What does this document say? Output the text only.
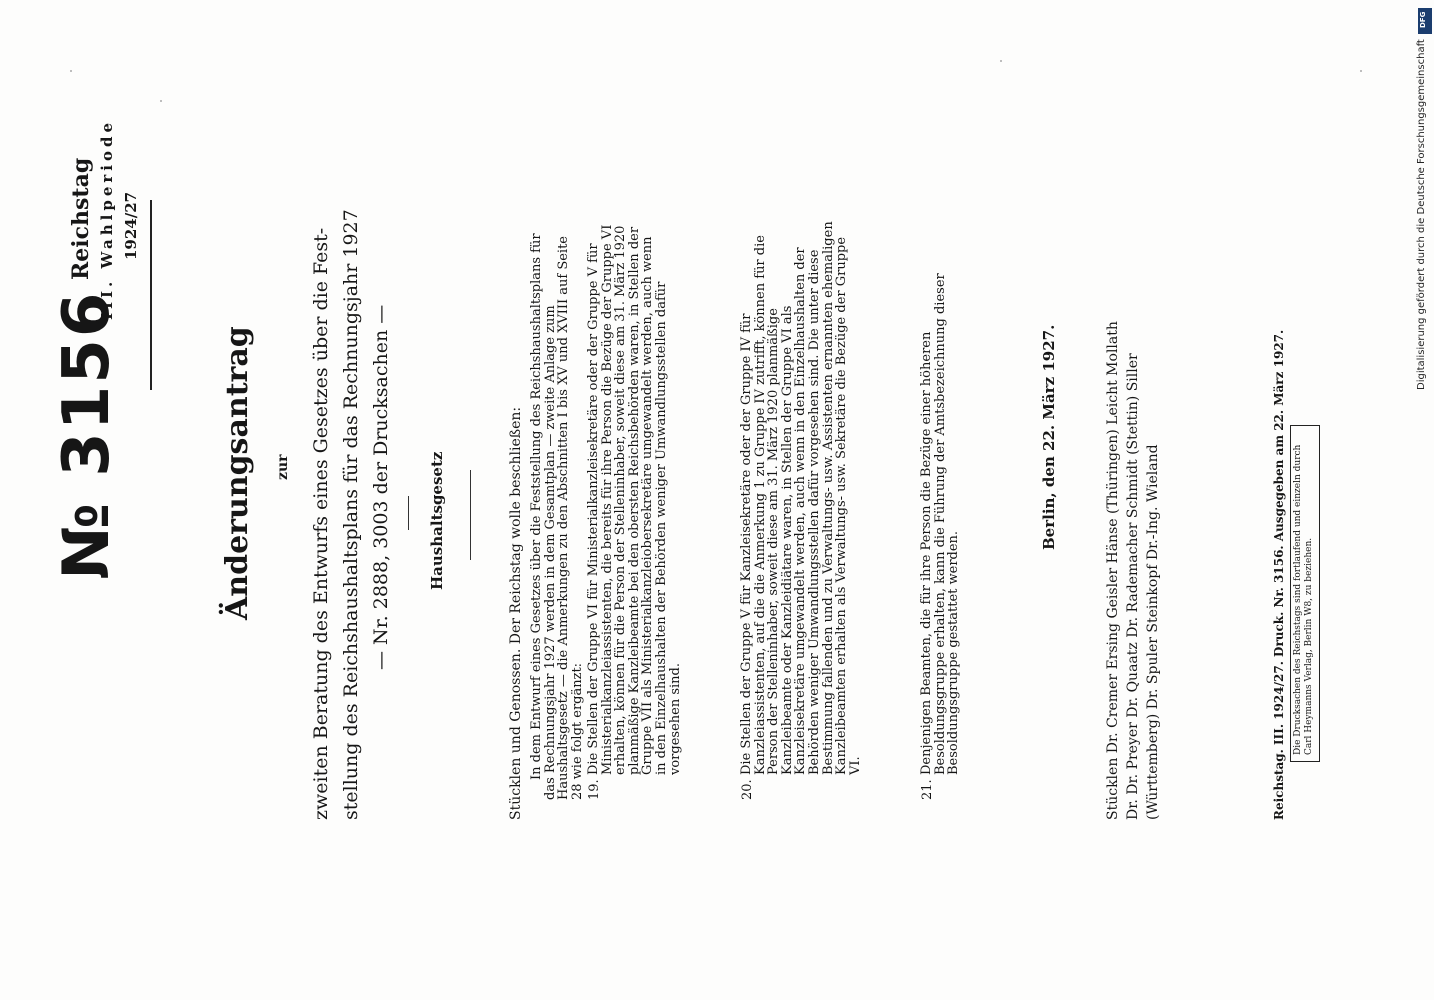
№ 3156
Reichstag III. Wahlperiode 1924/27
Änderungsantrag zur zweiten Beratung des Entwurfs eines Gesetzes über die Fest- stellung des Reichshaushaltsplans für das Rechnungsjahr 1927 — Nr. 2888, 3003 der Drucksachen — Haushaltsgesetz	Stücklen und Genossen. Der Reichstag wolle beschließen: In dem Entwurf eines Gesetzes über die Feststellung des Reichshaushaltsplans für das Rechnungsjahr 1927 werden in dem Gesamtplan — zweite Anlage zum Haushaltsgesetz — die Anmerkungen zu den Abschnitten I bis XV und XVIII auf Seite 28 wie folgt ergänzt: 19.
Die Stellen der Gruppe VI für Ministerialkanzleisekretäre oder der Gruppe V für Ministerialkanzleiassistenten, die bereits für ihre Person die Bezüge der Gruppe VI erhalten, können für die Person der Stelleninhaber, soweit diese am 31. März 1920 planmäßige Kanzleibeamte bei den obersten Reichsbehörden waren, in Stellen der Gruppe VII als Ministerialkanzleiobersekretäre umgewandelt werden, auch wenn in den Einzelhaushalten der Behörden weniger Umwandlungsstellen dafür vorgesehen sind.
20.
Die Stellen der Gruppe V für Kanzleisekretäre oder der Gruppe IV für Kanzleiassistenten, auf die die Anmerkung 1 zu Gruppe IV zutrifft, können für die Person der Stelleninhaber, soweit diese am 31. März 1920 planmäßige Kanzleibeamte oder Kanzleidiätare waren, in Stellen der Gruppe VI als Kanzleisekretäre umgewandelt werden, auch wenn in den Einzelhaushalten der Behörden weniger Umwandlungsstellen dafür vorgesehen sind. Die unter diese Bestimmung fallenden und zu Verwaltungs- usw. Assistenten ernannten ehemaligen Kanzleibeamten erhalten als Verwaltungs- usw. Sekretäre die Bezüge der Gruppe VI.
21.
Denjenigen Beamten, die für ihre Person die Bezüge einer höheren Besoldungsgruppe erhalten, kann die Führung der Amtsbezeichnung dieser Besoldungsgruppe gestattet werden.
Berlin, den 22. März 1927.	Stücklen Dr. Cremer Ersing Geisler Hänse (Thüringen) Leicht Mollath Dr. Dr. Preyer Dr. Quaatz Dr. Rademacher Schmidt (Stettin) Siller (Württemberg) Dr. Spuler Steinkopf Dr.-Ing. Wieland	Reichstag. III. 1924/27. Druck. Nr. 3156. Ausgegeben am 22. März 1927. Die Drucksachen des Reichstags sind fortlaufend und einzeln durch Carl Heymanns Verlag, Berlin W8, zu beziehen.
Digitalisierung gefördert durch die Deutsche Forschungsgemeinschaft
DFG
